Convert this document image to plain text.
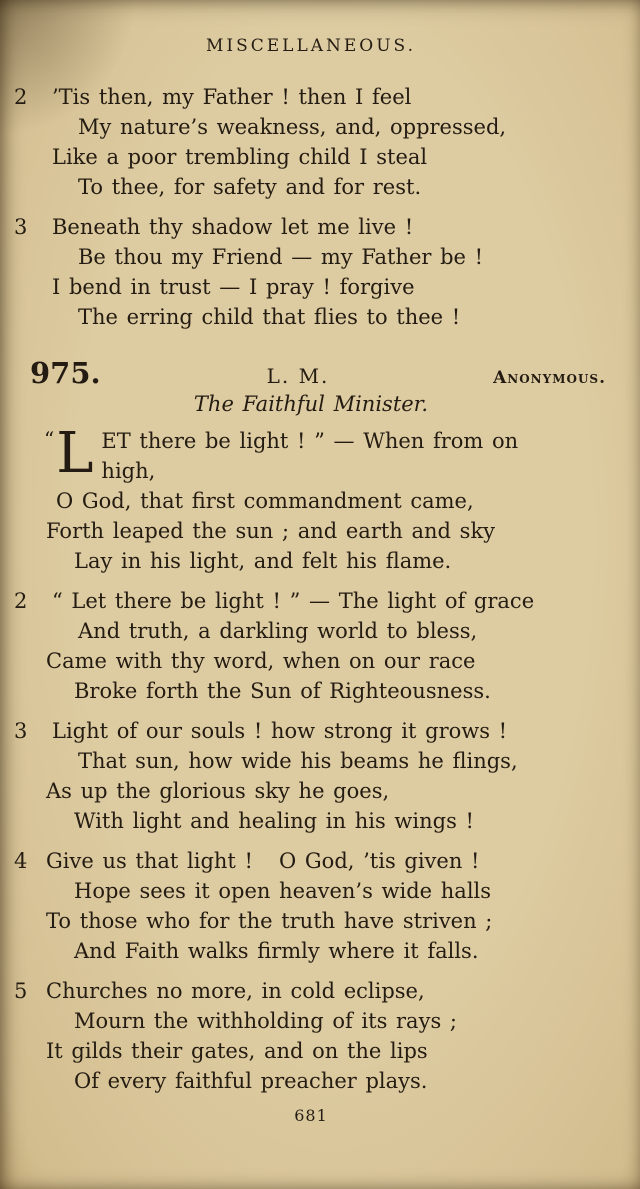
MISCELLANEOUS.
2	’Tis then, my Father ! then I feel
My nature’s weakness, and, oppressed,
Like a poor trembling child I steal
To thee, for safety and for rest.
3	Beneath thy shadow let me live !
Be thou my Friend — my Father be !
I bend in trust — I pray ! forgive
The erring child that flies to thee !
975.	L. M.	Anonymous.
The Faithful Minister.
“ L ET there be light ! ” — When from on
high,
O God, that first commandment came,
Forth leaped the sun ; and earth and sky
Lay in his light, and felt his flame.
2	“ Let there be light ! ” — The light of grace
And truth, a darkling world to bless,
Came with thy word, when on our race
Broke forth the Sun of Righteousness.
3	Light of our souls ! how strong it grows !
That sun, how wide his beams he flings,
As up the glorious sky he goes,
With light and healing in his wings !
4 Give us that light !   O God, ’tis given !
Hope sees it open heaven’s wide halls
To those who for the truth have striven ;
And Faith walks firmly where it falls.
5 Churches no more, in cold eclipse,
Mourn the withholding of its rays ;
It gilds their gates, and on the lips
Of every faithful preacher plays.
681
